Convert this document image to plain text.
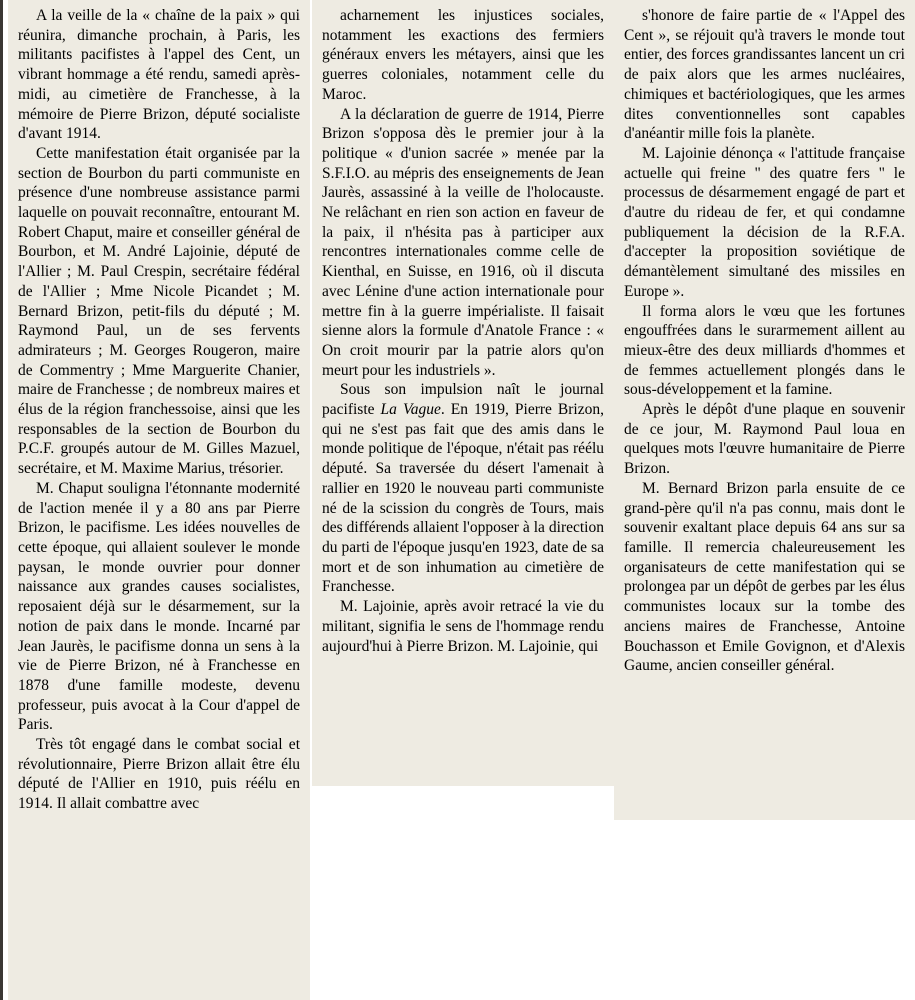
A la veille de la « chaîne de la paix » qui réunira, dimanche prochain, à Paris, les militants pacifistes à l'appel des Cent, un vibrant hommage a été rendu, samedi après-midi, au cimetière de Franchesse, à la mémoire de Pierre Brizon, député socialiste d'avant 1914.

Cette manifestation était organisée par la section de Bourbon du parti communiste en présence d'une nombreuse assistance parmi laquelle on pouvait reconnaître, entourant M. Robert Chaput, maire et conseiller général de Bourbon, et M. André Lajoinie, député de l'Allier ; M. Paul Crespin, secrétaire fédéral de l'Allier ; Mme Nicole Picandet ; M. Bernard Brizon, petit-fils du député ; M. Raymond Paul, un de ses fervents admirateurs ; M. Georges Rougeron, maire de Commentry ; Mme Marguerite Chanier, maire de Franchesse ; de nombreux maires et élus de la région franchessoise, ainsi que les responsables de la section de Bourbon du P.C.F. groupés autour de M. Gilles Mazuel, secrétaire, et M. Maxime Marius, trésorier.

M. Chaput souligna l'étonnante modernité de l'action menée il y a 80 ans par Pierre Brizon, le pacifisme. Les idées nouvelles de cette époque, qui allaient soulever le monde paysan, le monde ouvrier pour donner naissance aux grandes causes socialistes, reposaient déjà sur le désarmement, sur la notion de paix dans le monde. Incarné par Jean Jaurès, le pacifisme donna un sens à la vie de Pierre Brizon, né à Franchesse en 1878 d'une famille modeste, devenu professeur, puis avocat à la Cour d'appel de Paris.

Très tôt engagé dans le combat social et révolutionnaire, Pierre Brizon allait être élu député de l'Allier en 1910, puis réélu en 1914. Il allait combattre avec

acharnement les injustices sociales, notamment les exactions des fermiers généraux envers les métayers, ainsi que les guerres coloniales, notamment celle du Maroc.

A la déclaration de guerre de 1914, Pierre Brizon s'opposa dès le premier jour à la politique « d'union sacrée » menée par la S.F.I.O. au mépris des enseignements de Jean Jaurès, assassiné à la veille de l'holocauste. Ne relâchant en rien son action en faveur de la paix, il n'hésita pas à participer aux rencontres internationales comme celle de Kienthal, en Suisse, en 1916, où il discuta avec Lénine d'une action internationale pour mettre fin à la guerre impérialiste. Il faisait sienne alors la formule d'Anatole France : « On croit mourir par la patrie alors qu'on meurt pour les industriels ».

Sous son impulsion naît le journal pacifiste La Vague. En 1919, Pierre Brizon, qui ne s'est pas fait que des amis dans le monde politique de l'époque, n'était pas réélu député. Sa traversée du désert l'amenait à rallier en 1920 le nouveau parti communiste né de la scission du congrès de Tours, mais des différends allaient l'opposer à la direction du parti de l'époque jusqu'en 1923, date de sa mort et de son inhumation au cimetière de Franchesse.

M. Lajoinie, après avoir retracé la vie du militant, signifia le sens de l'hommage rendu aujourd'hui à Pierre Brizon. M. Lajoinie, qui

s'honore de faire partie de « l'Appel des Cent », se réjouit qu'à travers le monde tout entier, des forces grandissantes lancent un cri de paix alors que les armes nucléaires, chimiques et bactériologiques, que les armes dites conventionnelles sont capables d'anéantir mille fois la planète.

M. Lajoinie dénonça « l'attitude française actuelle qui freine " des quatre fers " le processus de désarmement engagé de part et d'autre du rideau de fer, et qui condamne publiquement la décision de la R.F.A. d'accepter la proposition soviétique de démantèlement simultané des missiles en Europe ».

Il forma alors le vœu que les fortunes engouffrées dans le surarmement aillent au mieux-être des deux milliards d'hommes et de femmes actuellement plongés dans le sous-développement et la famine.

Après le dépôt d'une plaque en souvenir de ce jour, M. Raymond Paul loua en quelques mots l'œuvre humanitaire de Pierre Brizon.

M. Bernard Brizon parla ensuite de ce grand-père qu'il n'a pas connu, mais dont le souvenir exaltant place depuis 64 ans sur sa famille. Il remercia chaleureusement les organisateurs de cette manifestation qui se prolongea par un dépôt de gerbes par les élus communistes locaux sur la tombe des anciens maires de Franchesse, Antoine Bouchasson et Emile Govignon, et d'Alexis Gaume, ancien conseiller général.
